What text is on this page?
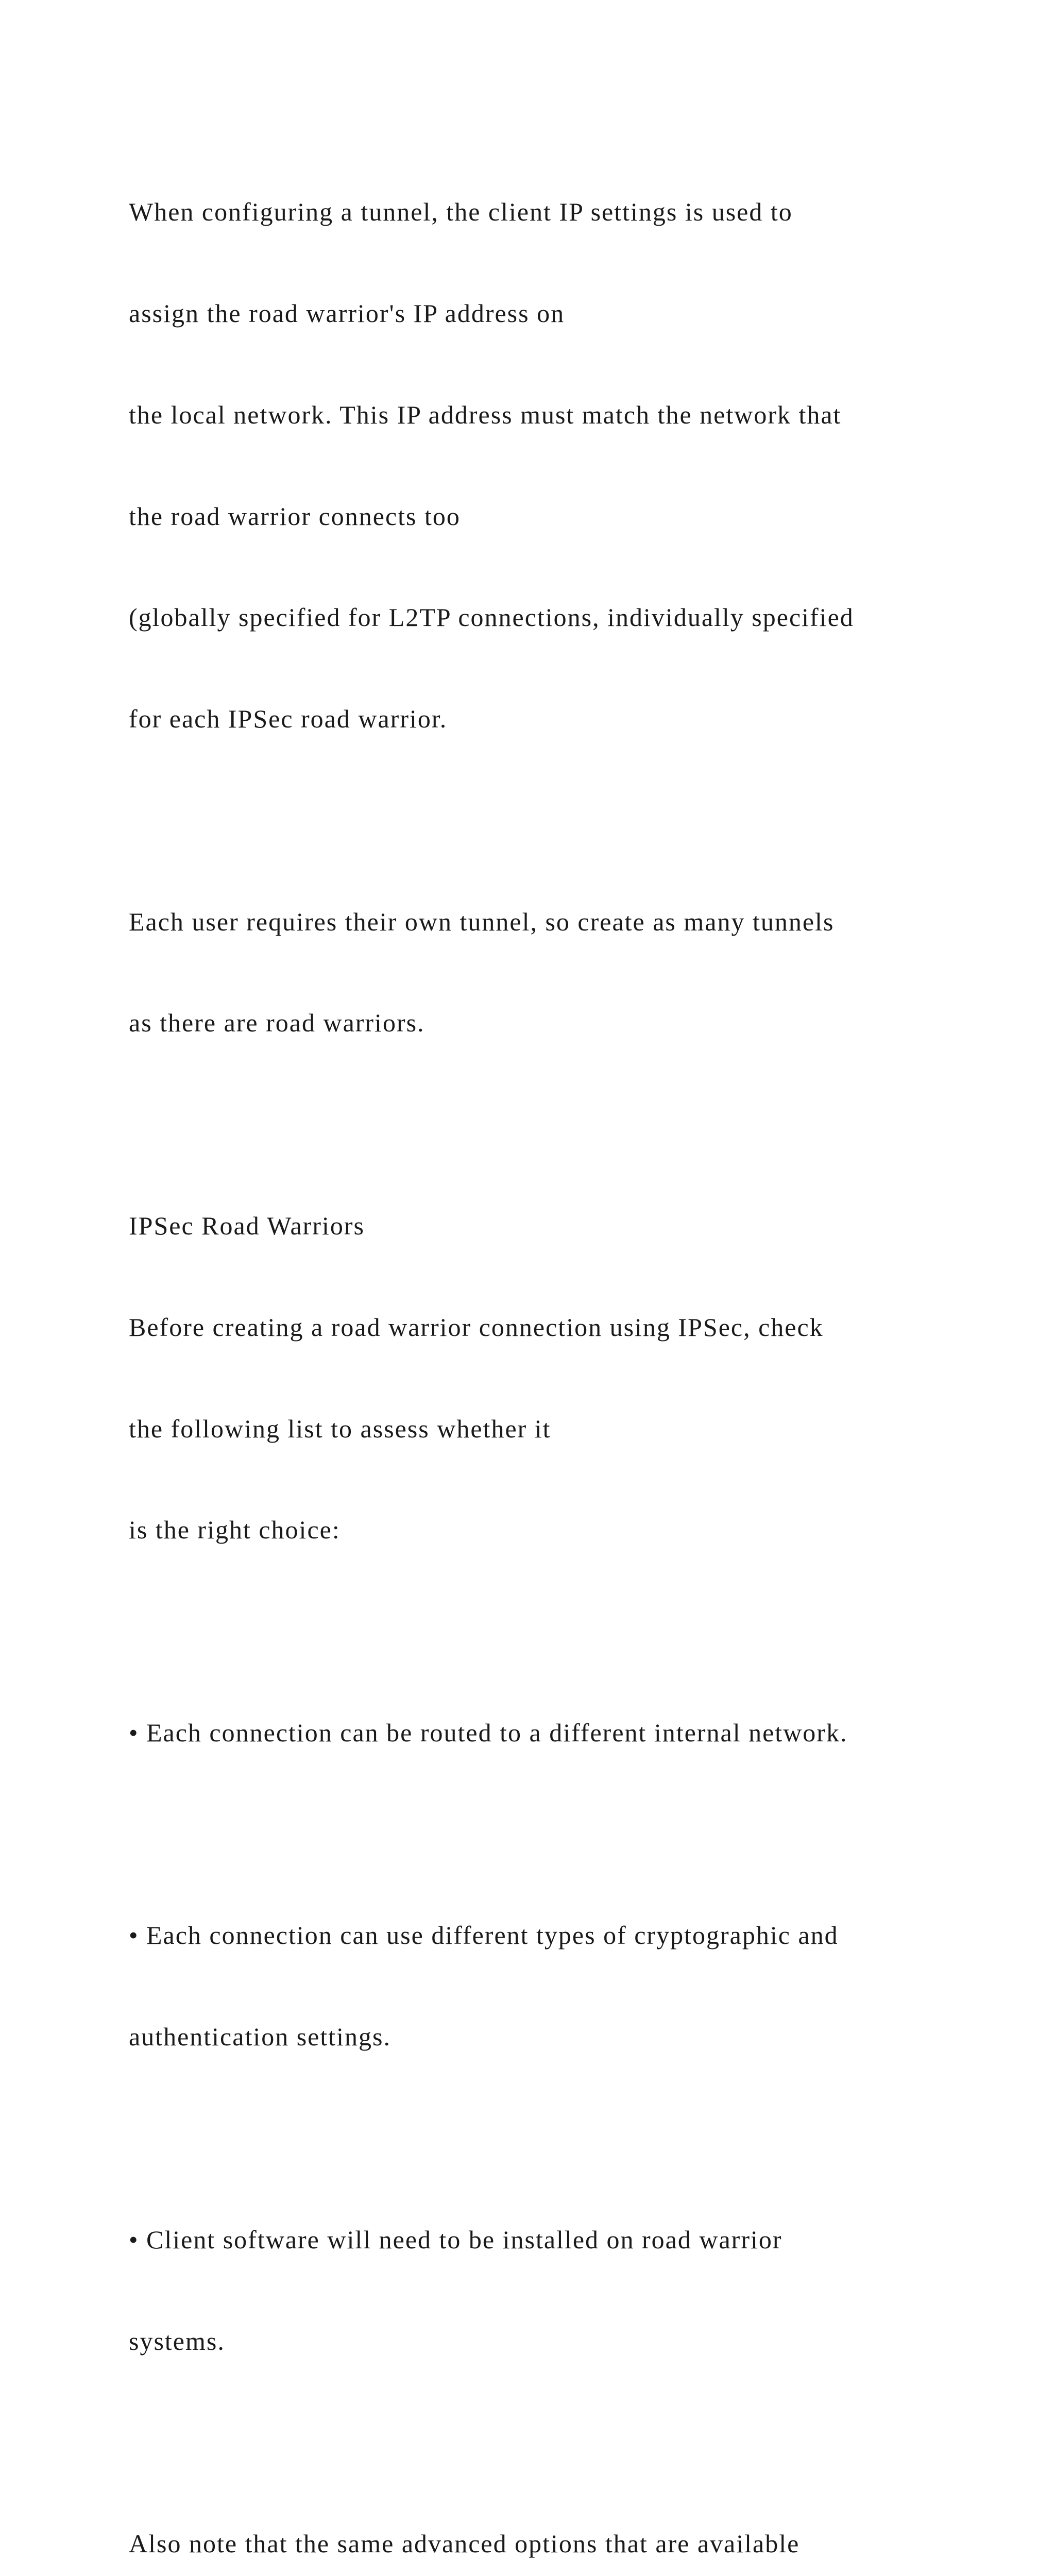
When configuring a tunnel, the client IP settings is used to

assign the road warrior's IP address on

the local network. This IP address must match the network that

the road warrior connects too

(globally specified for L2TP connections, individually specified

for each IPSec road warrior.

Each user requires their own tunnel, so create as many tunnels

as there are road warriors.

IPSec Road Warriors

Before creating a road warrior connection using IPSec, check

the following list to assess whether it

is the right choice:

• Each connection can be routed to a different internal network.

• Each connection can use different types of cryptographic and

authentication settings.

• Client software will need to be installed on road warrior

systems.

Also note that the same advanced options that are available
